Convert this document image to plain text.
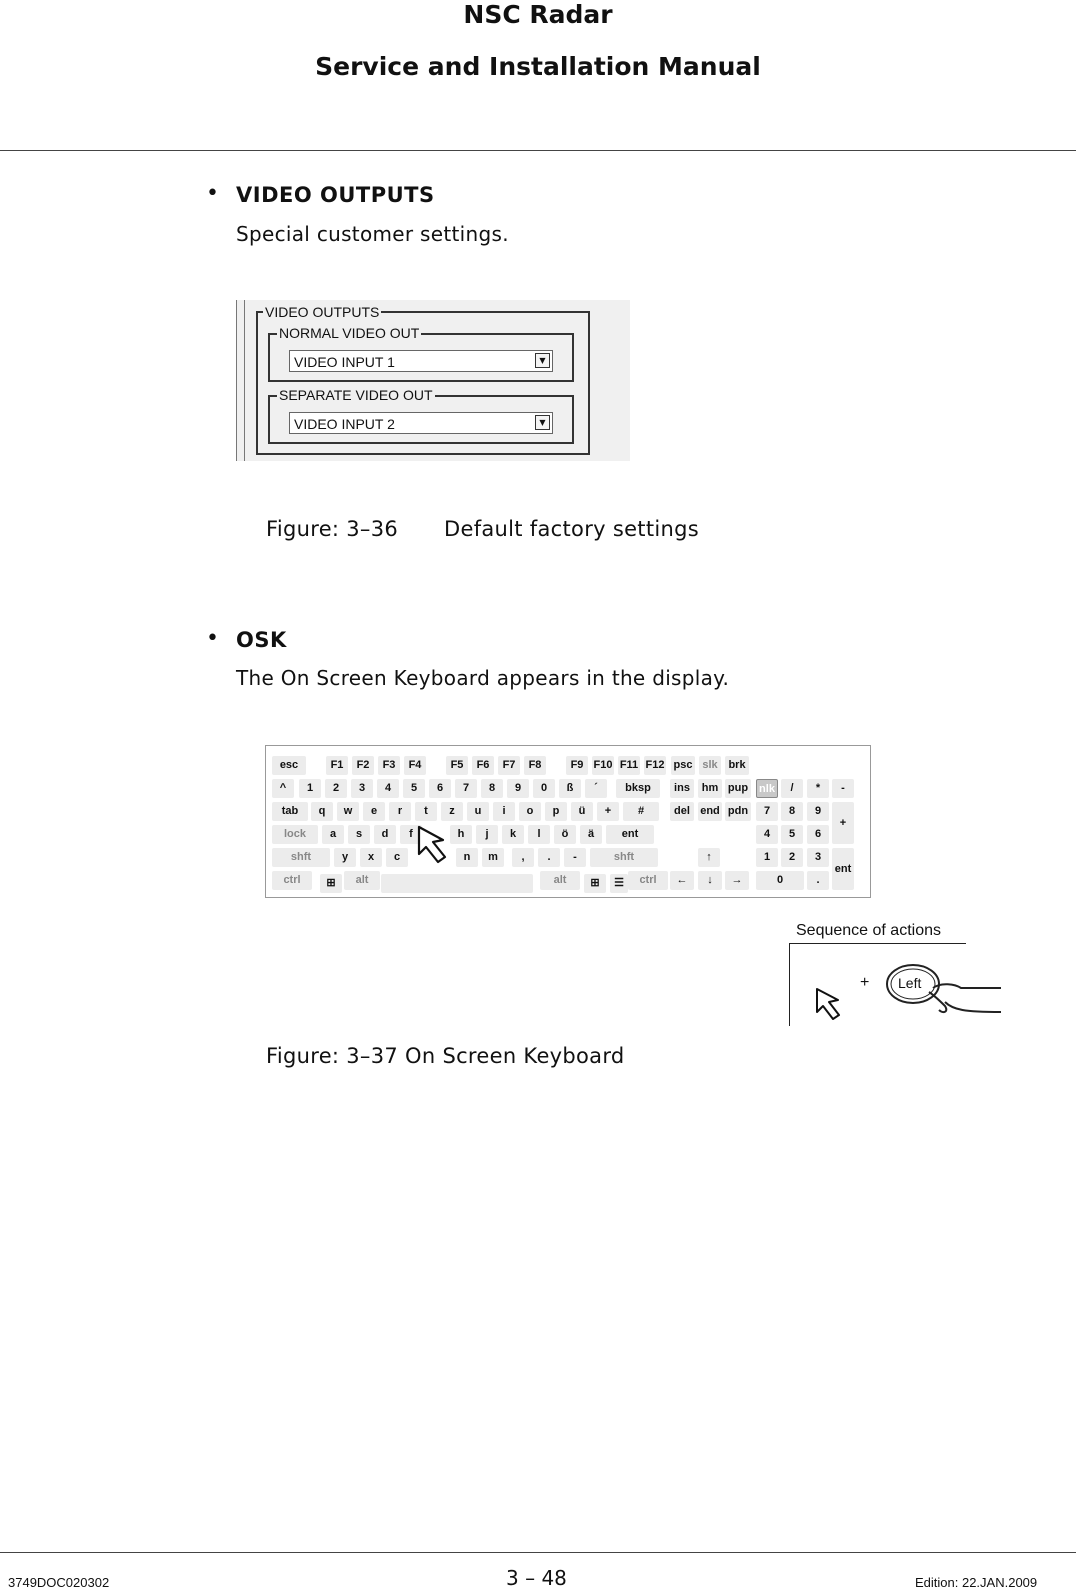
NSC Radar
Service and Installation Manual
• VIDEO OUTPUTS
Special customer settings.
VIDEO OUTPUTS
NORMAL VIDEO OUT
VIDEO INPUT 1	▼
SEPARATE VIDEO OUT
VIDEO INPUT 2	▼
Figure: 3–36 Default factory settings
• OSK
The On Screen Keyboard appears in the display.
esc	F1	F2	F3	F4	F5	F6	F7	F8	F9 F10 F11 F12 psc slk brk
^	1	2	3	4	5	6	7	8	9	0	ß	´	bksp	ins	hm pup nlk	/	*	-
tab	q	w	e	r	t	z	u	i	o	p	ü	+	#	del end pdn	7	8	9
+
lock	a	s	d	f	h	j	k	l	ö	ä	ent	4	5	6
shft	y	x	c	n	m	,	.	-	shft	↑	1	2	3
ent
ctrl	alt	alt	ctrl	←	↓	→	0	.
⊞	☰
⊞
Sequence of actions
+ Left
Figure: 3–37 On Screen Keyboard
3749DOC020302	3 – 48	Edition: 22.JAN.2009
